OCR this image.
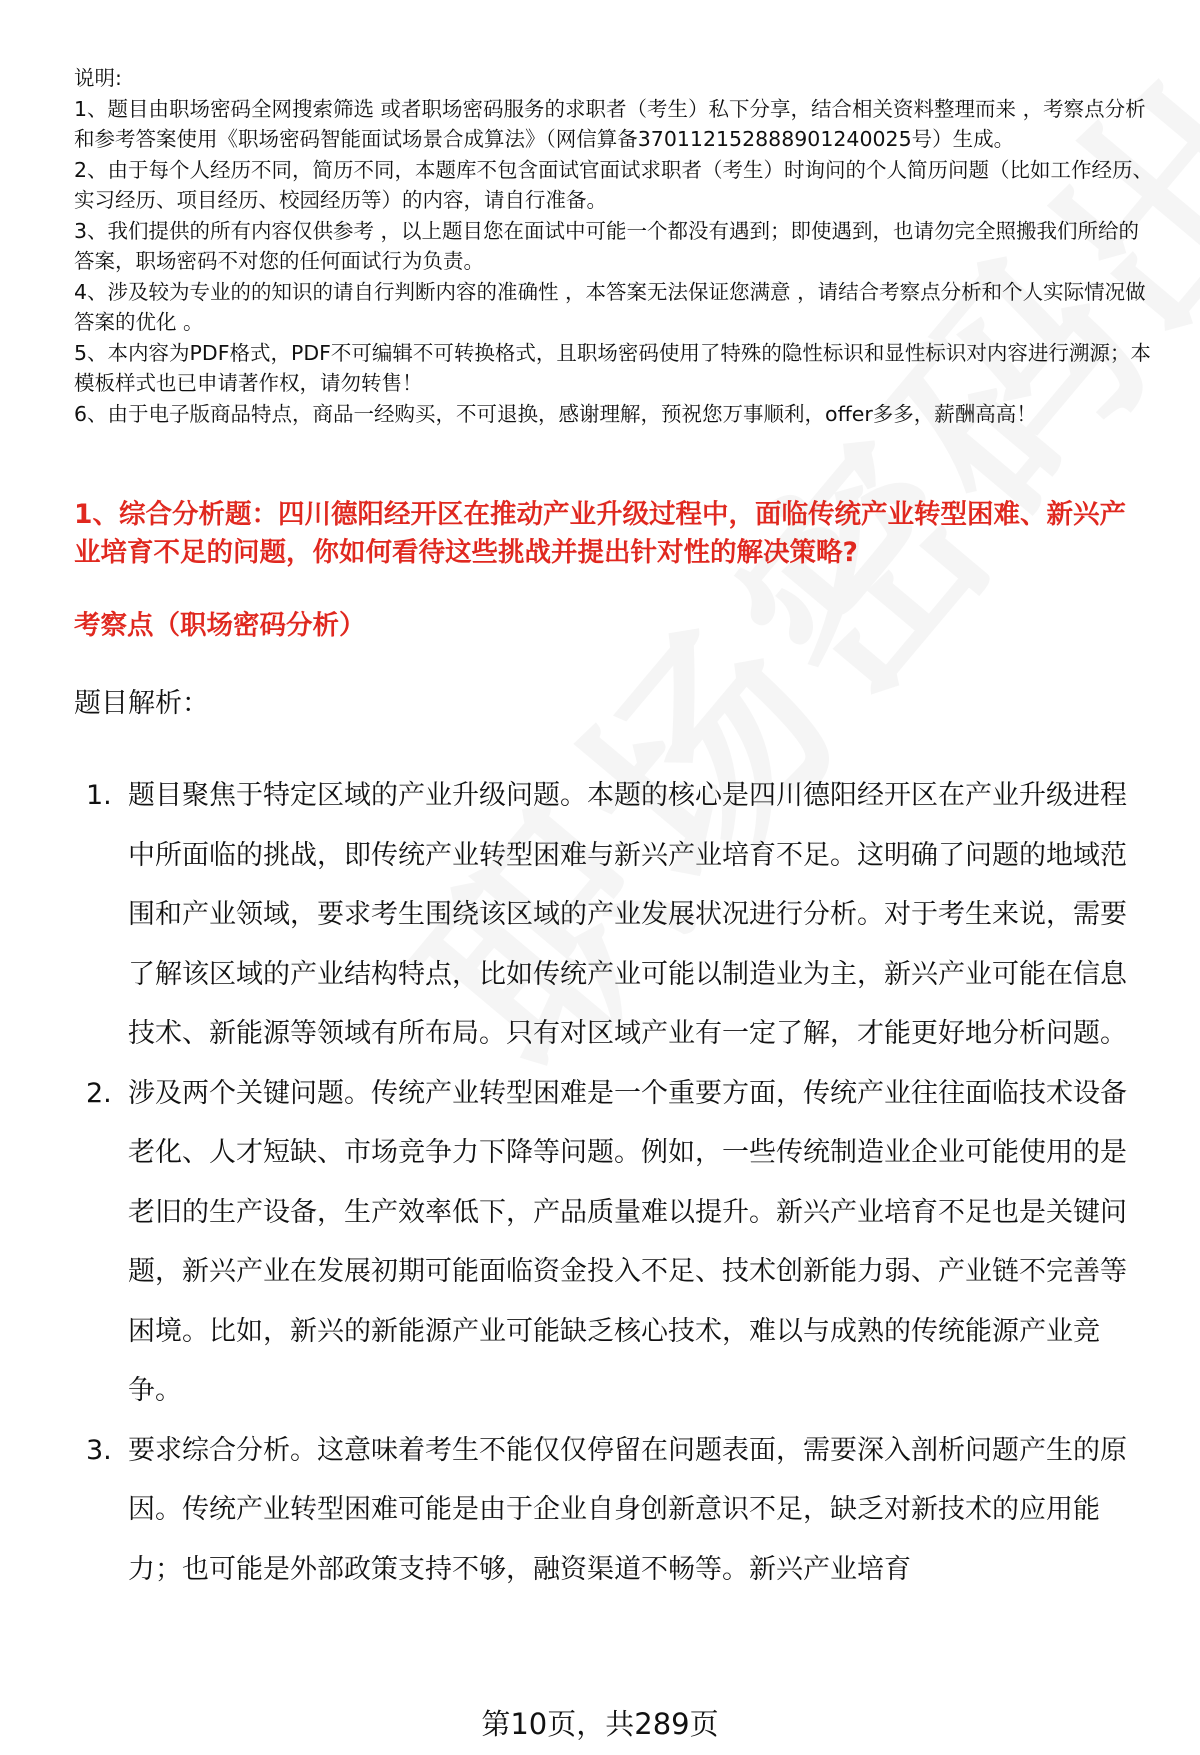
说明:

1、题目由职场密码全网搜索筛选 或者职场密码服务的求职者（考生）私下分享，结合相关资料整理而来 ，考察点分析和参考答案使用《职场密码智能面试场景合成算法》（网信算备370112152888901240025号）生成。

2、由于每个人经历不同，简历不同，本题库不包含面试官面试求职者（考生）时询问的个人简历问题（比如工作经历、实习经历、项目经历、校园经历等）的内容，请自行准备。

3、我们提供的所有内容仅供参考 ，以上题目您在面试中可能一个都没有遇到；即使遇到，也请勿完全照搬我们所给的答案，职场密码不对您的任何面试行为负责。

4、涉及较为专业的的知识的请自行判断内容的准确性 ，本答案无法保证您满意 ，请结合考察点分析和个人实际情况做答案的优化 。

5、本内容为PDF格式，PDF不可编辑不可转换格式，且职场密码使用了特殊的隐性标识和显性标识对内容进行溯源；本模板样式也已申请著作权，请勿转售！

6、由于电子版商品特点，商品一经购买，不可退换，感谢理解，预祝您万事顺利，offer多多，薪酬高高！

1、综合分析题：四川德阳经开区在推动产业升级过程中，面临传统产业转型困难、新兴产业培育不足的问题，你如何看待这些挑战并提出针对性的解决策略?
考察点（职场密码分析）

题目解析：

1. 题目聚焦于特定区域的产业升级问题。本题的核心是四川德阳经开区在产业升级进程中所面临的挑战，即传统产业转型困难与新兴产业培育不足。这明确了问题的地域范围和产业领域，要求考生围绕该区域的产业发展状况进行分析。对于考生来说，需要了解该区域的产业结构特点，比如传统产业可能以制造业为主，新兴产业可能在信息技术、新能源等领域有所布局。只有对区域产业有一定了解，才能更好地分析问题。
2. 涉及两个关键问题。传统产业转型困难是一个重要方面，传统产业往往面临技术设备老化、人才短缺、市场竞争力下降等问题。例如，一些传统制造业企业可能使用的是老旧的生产设备，生产效率低下，产品质量难以提升。新兴产业培育不足也是关键问题，新兴产业在发展初期可能面临资金投入不足、技术创新能力弱、产业链不完善等困境。比如，新兴的新能源产业可能缺乏核心技术，难以与成熟的传统能源产业竞争。
3. 要求综合分析。这意味着考生不能仅仅停留在问题表面，需要深入剖析问题产生的原因。传统产业转型困难可能是由于企业自身创新意识不足，缺乏对新技术的应用能力；也可能是外部政策支持不够，融资渠道不畅等。新兴产业培育

第10页，共289页
